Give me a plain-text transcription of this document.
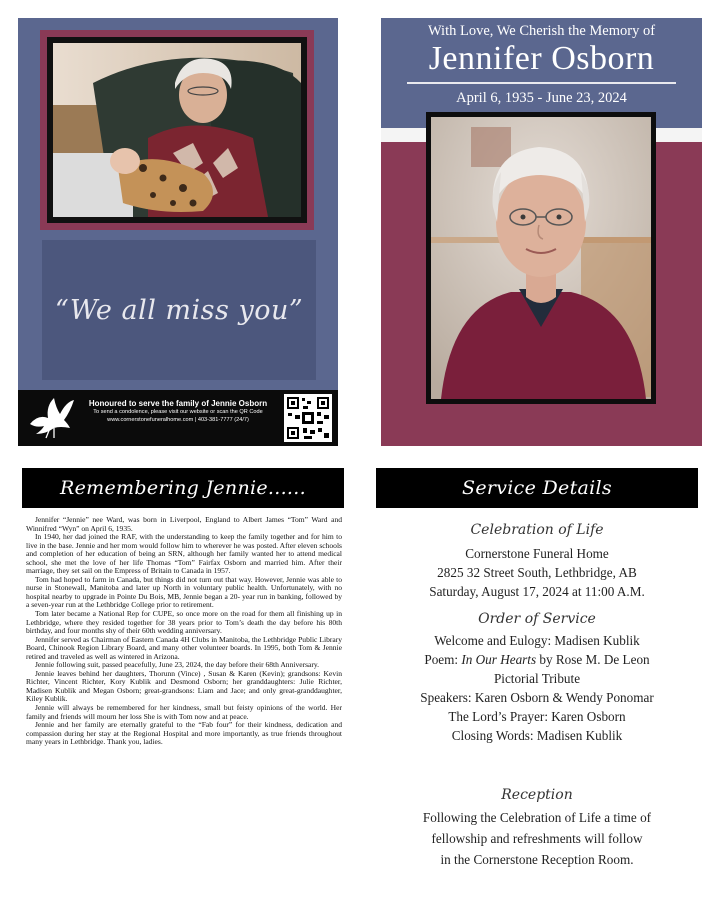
“We all miss you”
Honoured to serve the family of Jennie Osborn
To send a condolence, please visit our website or scan the QR Code
www.cornerstonefuneralhome.com | 403-381-7777 (24/7)
With Love, We Cherish the Memory of
Jennifer Osborn
April 6, 1935 - June 23, 2024
Remembering Jennie......

Jennifer “Jennie” nee Ward, was born in Liverpool, England to Albert James “Tom” Ward and Winnifred “Wyn” on April 6, 1935.

In 1940, her dad joined the RAF, with the understanding to keep the family together and for him to live in the base. Jennie and her mom would follow him to wherever he was posted. After eleven schools and completion of her education of being an SRN, although her family wanted her to attend medical school, she met the love of her life Thomas “Tom” Fairfax Osborn and married him. After their marriage, they set sail on the Empress of Britain to Canada in 1957.

Tom had hoped to farm in Canada, but things did not turn out that way. However, Jennie was able to nurse in Stonewall, Manitoba and later up North in voluntary public health. Unfortunately, with no hospital nearby to upgrade in Pointe Du Bois, MB, Jennie began a 20- year run in banking, followed by a seven-year run at the Lethbridge College prior to retirement.

Tom later became a National Rep for CUPE, so once more on the road for them all finishing up in Lethbridge, where they resided together for 38 years prior to Tom’s death the day before his 80th birthday, and four months shy of their 60th wedding anniversary.

Jennifer served as Chairman of Eastern Canada 4H Clubs in Manitoba, the Lethbridge Public Library Board, Chinook Region Library Board, and many other volunteer boards. In 1995, both Tom & Jennie retired and traveled as well as wintered in Arizona.

Jennie following suit, passed peacefully, June 23, 2024, the day before their 68th Anniversary.

Jennie leaves behind her daughters, Thorunn (Vince) , Susan & Karen (Kevin); grandsons: Kevin Richter, Vincent Richter, Kory Kublik and Desmond Osborn; her granddaughters: Julie Richter, Madisen Kublik and Megan Osborn; great-grandsons: Liam and Jace; and only great-granddaughter, Kiley Kublik.

Jennie will always be remembered for her kindness, small but feisty opinions of the world. Her family and friends will mourn her loss She is with Tom now and at peace.

Jennie and her family are eternally grateful to the “Fab four” for their kindness, dedication and compassion during her stay at the Regional Hospital and more importantly, as true friends throughout many years in Lethbridge. Thank you, ladies.

Service Details
Celebration of Life
Cornerstone Funeral Home
2825 32 Street South, Lethbridge, AB
Saturday, August 17, 2024 at 11:00 A.M.
Order of Service
Welcome and Eulogy: Madisen Kublik
Poem: In Our Hearts by Rose M. De Leon
Pictorial Tribute
Speakers: Karen Osborn & Wendy Ponomar
The Lord’s Prayer: Karen Osborn
Closing Words: Madisen Kublik
Reception
Following the Celebration of Life a time of
fellowship and refreshments will follow
in the Cornerstone Reception Room.
